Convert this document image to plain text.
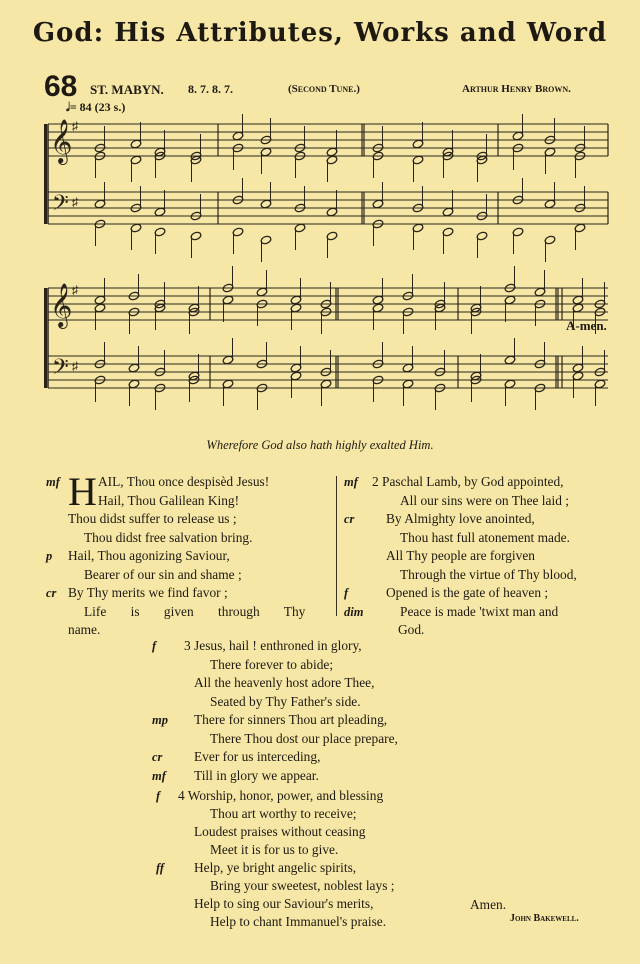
God: His Attributes, Works and Word
68 ST. MABYN. 8. 7. 8. 7.	(Second Tune.)	Arthur Henry Brown.
𝅗𝅥= 84 (23 s.)
𝄞
𝄢
♯
♯
𝄞
𝄢
♯
♯
A-men.
Wherefore God also hath highly exalted Him.
H
mf	AIL, Thou once despisèd Jesus!
Hail, Thou Galilean King!
Thou didst suffer to release us ;
Thou didst free salvation bring.
p Hail, Thou agonizing Saviour,
Bearer of our sin and shame ;
cr By Thy merits we find favor ;
Life is given through Thy
name.
mf 2 Paschal Lamb, by God appointed,
All our sins were on Thee laid ;
cr By Almighty love anointed,
Thou hast full atonement made.
All Thy people are forgiven
Through the virtue of Thy blood,
f	Opened is the gate of heaven ;
dim	Peace is made 'twixt man and
God.
f 3 Jesus, hail ! enthroned in glory,
There forever to abide;
All the heavenly host adore Thee,
Seated by Thy Father's side.
mp There for sinners Thou art pleading,
There Thou dost our place prepare,
cr Ever for us interceding,
mf Till in glory we appear.
f 4 Worship, honor, power, and blessing
Thou art worthy to receive;
Loudest praises without ceasing
Meet it is for us to give.
ff Help, ye bright angelic spirits,
Bring your sweetest, noblest lays ;
Help to sing our Saviour's merits,
Help to chant Immanuel's praise.
Amen.
John Bakewell.
